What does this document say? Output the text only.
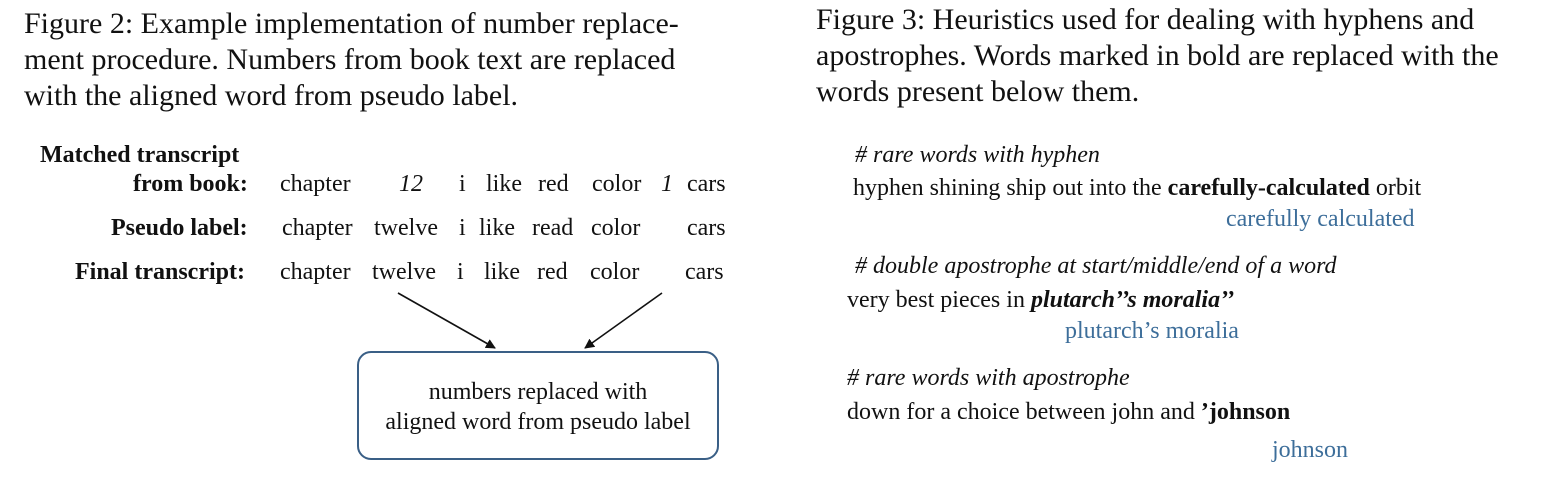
Figure 2: Example implementation of number replace-
ment procedure. Numbers from book text are replaced
with the aligned word from pseudo label.
Matched transcript
from book: chapter 12 i like red color 1 cars
Pseudo label: chapter twelve i like read color cars
Final transcript: chapter twelve i like red color cars
numbers replaced with
aligned word from pseudo label
Figure 3: Heuristics used for dealing with hyphens and
apostrophes. Words marked in bold are replaced with the
words present below them.
# rare words with hyphen
hyphen shining ship out into the carefully-calculated orbit
carefully calculated
# double apostrophe at start/middle/end of a word
very best pieces in plutarch’’s moralia’’
plutarch’s moralia
# rare words with apostrophe
down for a choice between john and ’johnson
johnson
